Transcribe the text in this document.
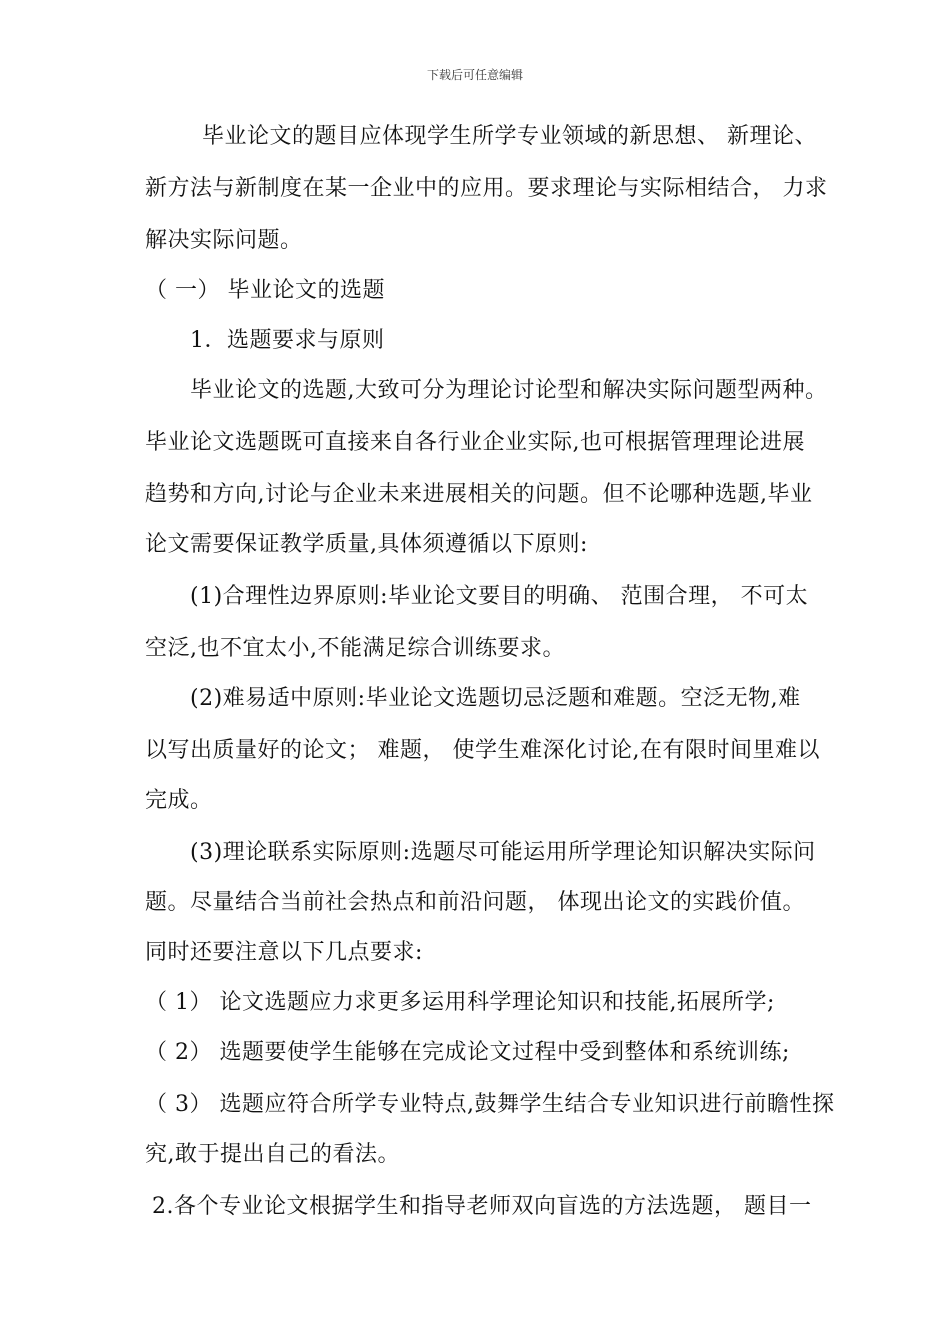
下载后可任意编辑
毕业论文的题目应体现学生所学专业领域的新思想、 新理论、
新方法与新制度在某一企业中的应用。要求理论与实际相结合， 力求
解决实际问题。
（ 一） 毕业论文的选题
1．选题要求与原则
毕业论文的选题,大致可分为理论讨论型和解决实际问题型两种。
毕业论文选题既可直接来自各行业企业实际,也可根据管理理论进展
趋势和方向,讨论与企业未来进展相关的问题。但不论哪种选题,毕业
论文需要保证教学质量,具体须遵循以下原则:
(1)合理性边界原则:毕业论文要目的明确、 范围合理， 不可太
空泛,也不宜太小,不能满足综合训练要求。
(2)难易适中原则:毕业论文选题切忌泛题和难题。空泛无物,难
以写出质量好的论文； 难题， 使学生难深化讨论,在有限时间里难以
完成。
(3)理论联系实际原则:选题尽可能运用所学理论知识解决实际问
题。尽量结合当前社会热点和前沿问题， 体现出论文的实践价值。
同时还要注意以下几点要求:
（ 1） 论文选题应力求更多运用科学理论知识和技能,拓展所学;
（ 2） 选题要使学生能够在完成论文过程中受到整体和系统训练;
（ 3） 选题应符合所学专业特点,鼓舞学生结合专业知识进行前瞻性探
究,敢于提出自己的看法。
2.各个专业论文根据学生和指导老师双向盲选的方法选题， 题目一
